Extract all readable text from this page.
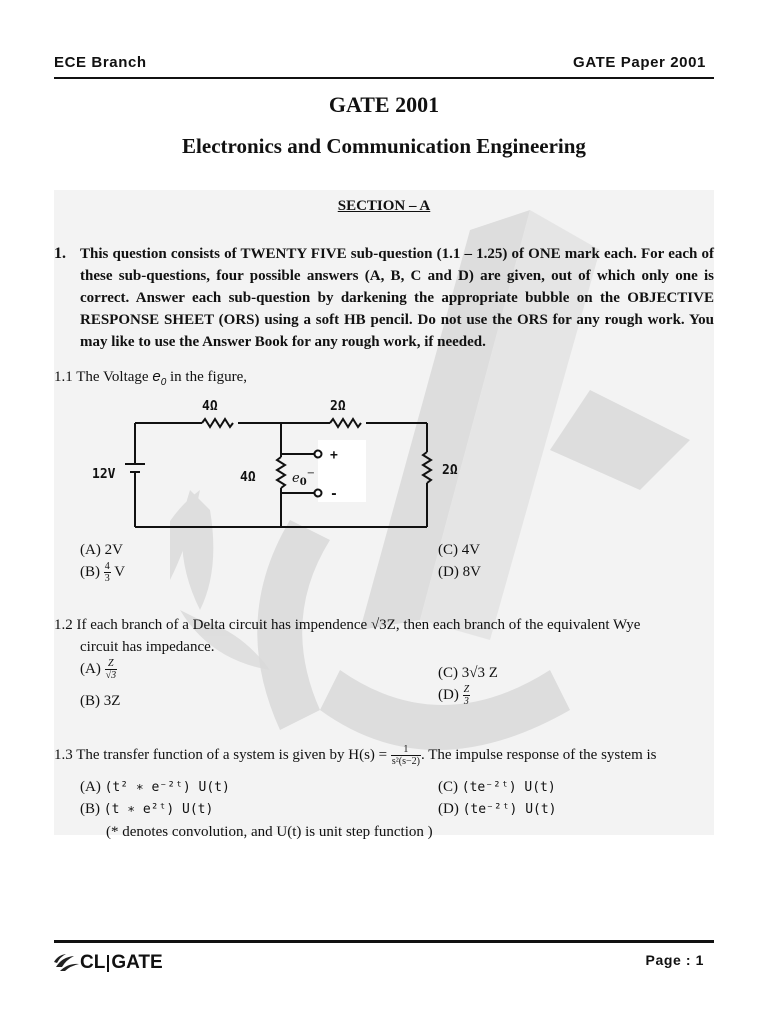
ECE Branch	GATE Paper 2001
GATE 2001
Electronics and Communication Engineering
SECTION – A
1. This question consists of TWENTY FIVE sub-question (1.1 – 1.25) of ONE mark each. For each of these sub-questions, four possible answers (A, B, C and D) are given, out of which only one is correct. Answer each sub-question by darkening the appropriate bubble on the OBJECTIVE RESPONSE SHEET (ORS) using a soft HB pencil. Do not use the ORS for any rough work. You may like to use the Answer Book for any rough work, if needed.
1.1 The Voltage $e_0$ in the figure,
4Ω	2Ω
4Ω	2Ω
12V
+
-
$e_0^-$
(A) 2V
$(B) \frac{4}{3}$ V
(C) 4V
(D) 8V
1.2 If each branch of a Delta circuit has impendence √3Z, then each branch of the equivalent Wye
circuit has impedance.
$(A) \frac{Z}{√3}$
(B) 3Z
(C) 3√3 Z
$(D) \frac{Z}{3}$
1.3 The transfer function of a system is given by $H(s) = \frac{1}{\text{s²(s−2)}}$ . The impulse response of the system is
(A) (t² ∗ e⁻²ᵗ) U(t)
(B) (t ∗ e²ᵗ) U(t)
(C) (te⁻²ᵗ) U(t)
(D) (te⁻²ᵗ) U(t)
(* denotes convolution, and U(t) is unit step function )
CL GATE	Page : 1
